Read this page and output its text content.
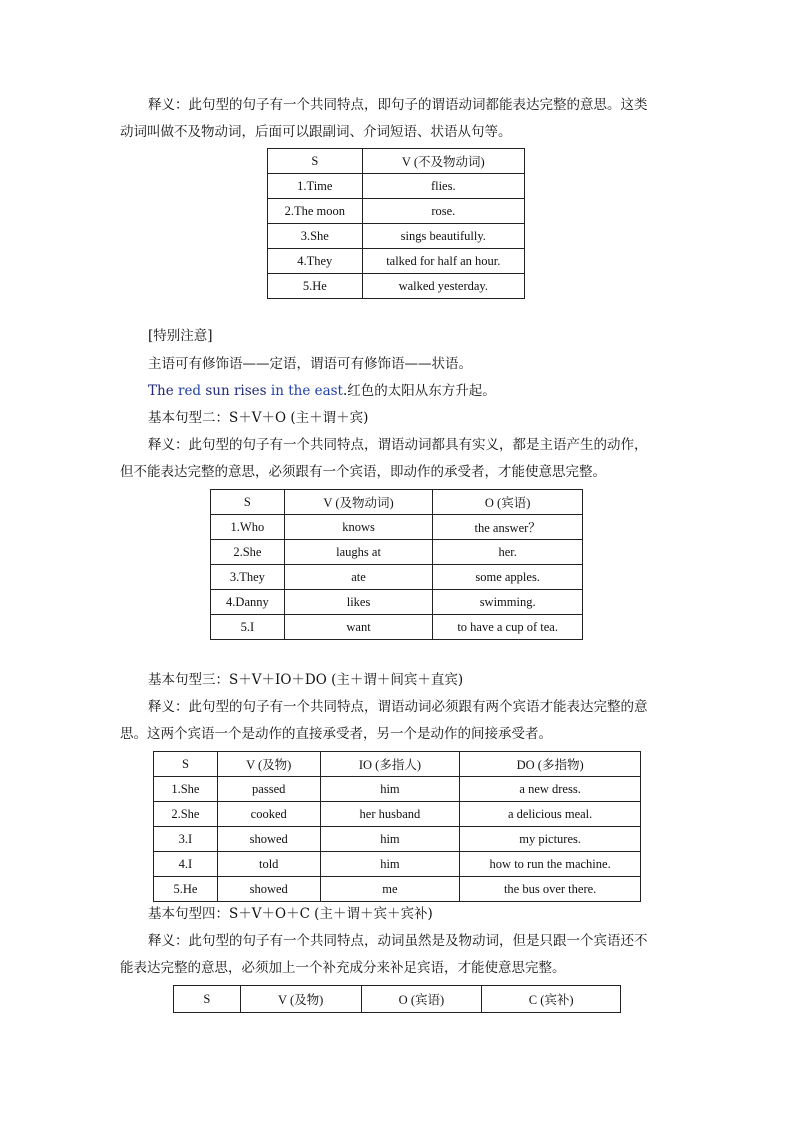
释义：此句型的句子有一个共同特点，即句子的谓语动词都能表达完整的意思。这类
动词叫做不及物动词，后面可以跟副词、介词短语、状语从句等。
S	V (不及物动词)
1.Time	flies.
2.The moon	rose.
3.She	sings beautifully.
4.They	talked for half an hour.
5.He	walked yesterday.
[特别注意]
主语可有修饰语——定语，谓语可有修饰语——状语。
The red sun rises in the east.红色的太阳从东方升起。
基本句型二：S＋V＋O (主＋谓＋宾)
释义：此句型的句子有一个共同特点，谓语动词都具有实义，都是主语产生的动作，
但不能表达完整的意思，必须跟有一个宾语，即动作的承受者，才能使意思完整。
S	V (及物动词)	O (宾语)
1.Who	knows	the answer？
2.She	laughs at	her.
3.They	ate	some apples.
4.Danny	likes	swimming.
5.I	want	to have a cup of tea.
基本句型三：S＋V＋IO＋DO (主＋谓＋间宾＋直宾)
释义：此句型的句子有一个共同特点，谓语动词必须跟有两个宾语才能表达完整的意
思。这两个宾语一个是动作的直接承受者，另一个是动作的间接承受者。
S	V (及物)	IO (多指人)	DO (多指物)
1.She	passed	him	a new dress.
2.She	cooked	her husband	a delicious meal.
3.I	showed	him	my pictures.
4.I	told	him	how to run the machine.
5.He	showed	me	the bus over there.
基本句型四：S＋V＋O＋C (主＋谓＋宾＋宾补)
释义：此句型的句子有一个共同特点，动词虽然是及物动词，但是只跟一个宾语还不
能表达完整的意思，必须加上一个补充成分来补足宾语，才能使意思完整。
S	V (及物)	O (宾语)	C (宾补)
